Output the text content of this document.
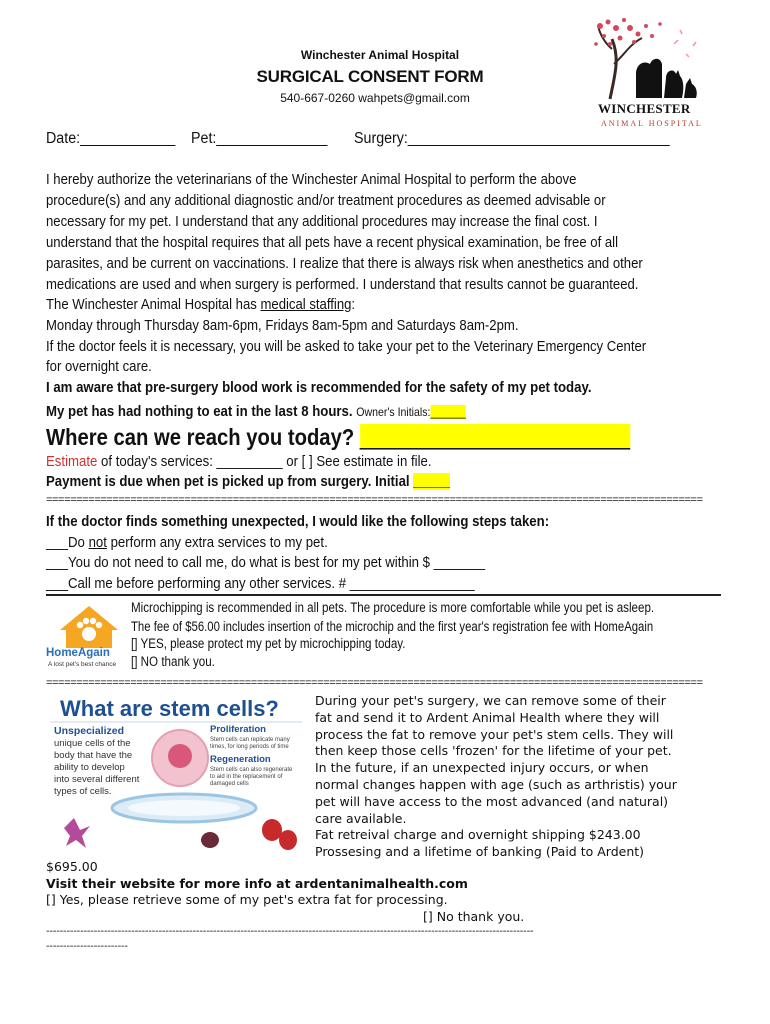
Winchester Animal Hospital
SURGICAL CONSENT FORM
540-667-0260 wahpets@gmail.com
WINCHESTER
ANIMAL HOSPITAL
Date:____________ Pet:______________ Surgery:_________________________________
I hereby authorize the veterinarians of the Winchester Animal Hospital to perform the above
procedure(s) and any additional diagnostic and/or treatment procedures as deemed advisable or
necessary for my pet. I understand that any additional procedures may increase the final cost. I
understand that the hospital requires that all pets have a recent physical examination, be free of all
parasites, and be current on vaccinations. I realize that there is always risk when anesthetics and other
medications are used and when surgery is performed. I understand that results cannot be guaranteed.
The Winchester Animal Hospital has medical staffing:
Monday through Thursday 8am-6pm, Fridays 8am-5pm and Saturdays 8am-2pm.
If the doctor feels it is necessary, you will be asked to take your pet to the Veterinary Emergency Center
for overnight care.
I am aware that pre-surgery blood work is recommended for the safety of my pet today.
My pet has had nothing to eat in the last 8 hours. Owner's Initials:______
Where can we reach you today? ________________________
Estimate of today's services: _________ or [ ] See estimate in file.
Payment is due when pet is picked up from surgery. Initial _____
=============================================================================================================
If the doctor finds something unexpected, I would like the following steps taken:
___Do not perform any extra services to my pet.
___You do not need to call me, do what is best for my pet within $ _______
___Call me before performing any other services. # _________________
HomeAgain
A lost pet's best chance
Microchipping is recommended in all pets. The procedure is more comfortable while you pet is asleep.
The fee of $56.00 includes insertion of the microchip and the first year's registration fee with HomeAgain
[] YES, please protect my pet by microchipping today.
[] NO thank you.
=============================================================================================================
What are stem cells?
Unspecialized
unique cells of the
body that have the
ability to develop
into several different
types of cells.
Proliferation
Stem cells can replicate many
times, for long periods of time
Regeneration
Stem cells can also regenerate
to aid in the replacement of
damaged cells
During your pet's surgery, we can remove some of their
fat and send it to Ardent Animal Health where they will
process the fat to remove your pet's stem cells. They will
then keep those cells 'frozen' for the lifetime of your pet.
In the future, if an unexpected injury occurs, or when
normal changes happen with age (such as arthristis) your
pet will have access to the most advanced (and natural)
care available.
Fat retreival charge and overnight shipping $243.00
Prossesing and a lifetime of banking (Paid to Ardent)
$695.00
Visit their website for more info at ardentanimalhealth.com
[] Yes, please retrieve some of my pet's extra fat for processing.
[] No thank you.
-----------------------------------------------------------------------------------------------------------------------------------------------
------------------------
